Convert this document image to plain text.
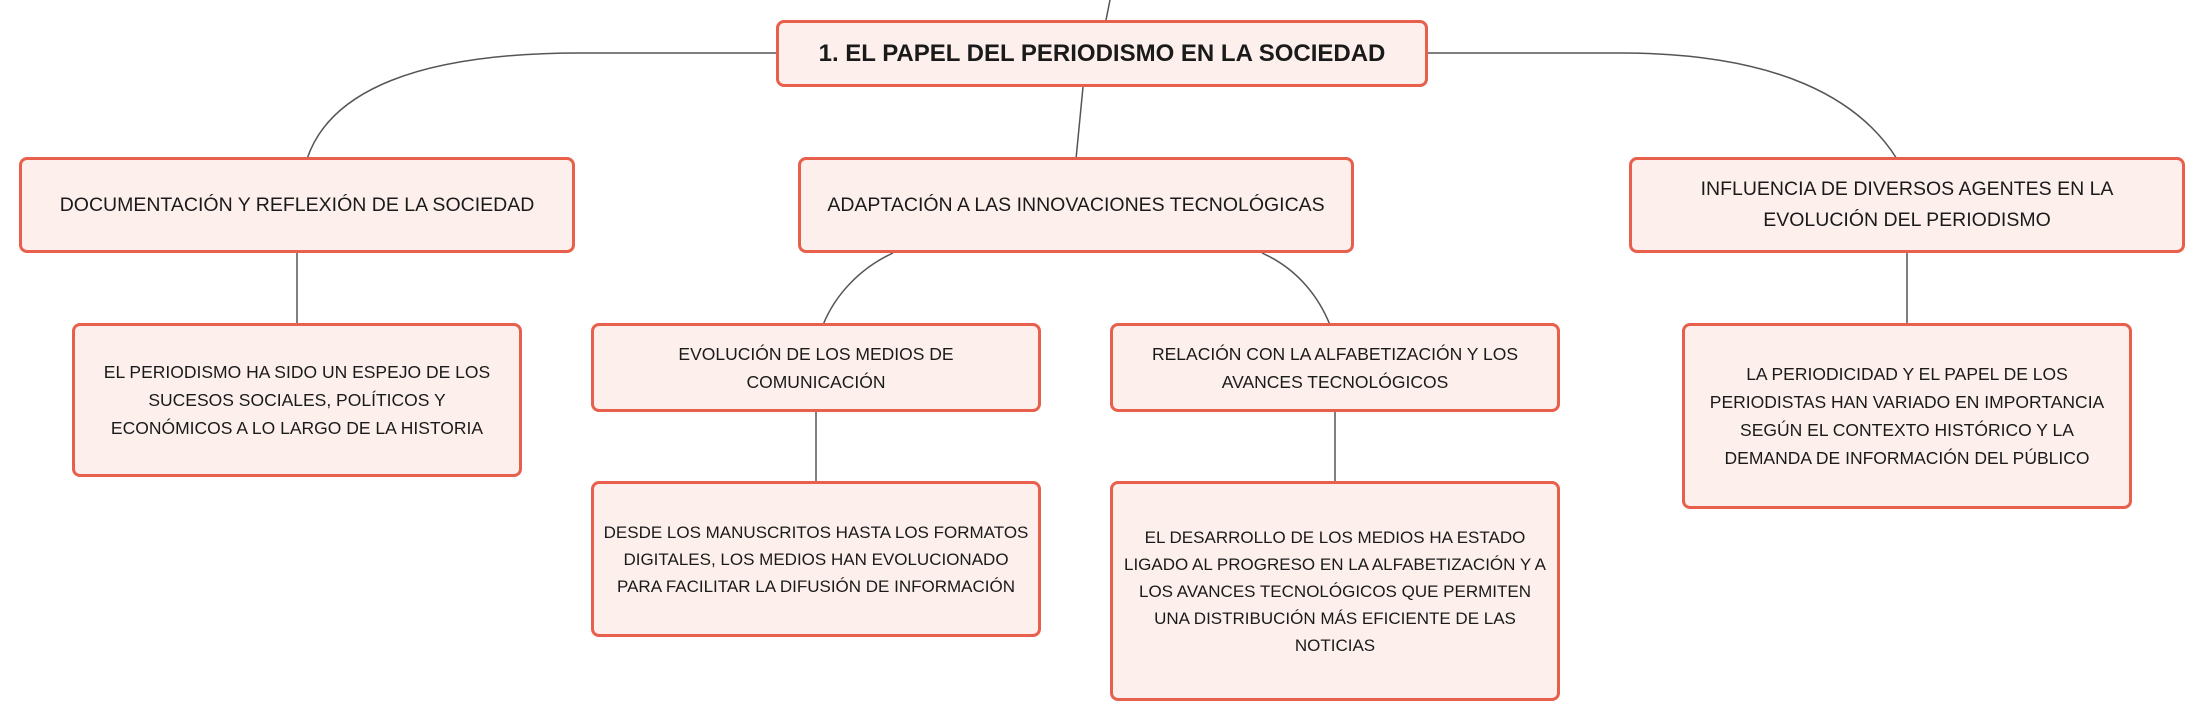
1. EL PAPEL DEL PERIODISMO EN LA SOCIEDAD
DOCUMENTACIÓN Y REFLEXIÓN DE LA SOCIEDAD	ADAPTACIÓN A LAS INNOVACIONES TECNOLÓGICAS
INFLUENCIA DE DIVERSOS AGENTES EN LA EVOLUCIÓN DEL PERIODISMO
EL PERIODISMO HA SIDO UN ESPEJO DE LOS SUCESOS SOCIALES, POLÍTICOS Y ECONÓMICOS A LO LARGO DE LA HISTORIA
EVOLUCIÓN DE LOS MEDIOS DE COMUNICACIÓN
RELACIÓN CON LA ALFABETIZACIÓN Y LOS AVANCES TECNOLÓGICOS	LA PERIODICIDAD Y EL PAPEL DE LOS PERIODISTAS HAN VARIADO EN IMPORTANCIA SEGÚN EL CONTEXTO HISTÓRICO Y LA DEMANDA DE INFORMACIÓN DEL PÚBLICO
DESDE LOS MANUSCRITOS HASTA LOS FORMATOS DIGITALES, LOS MEDIOS HAN EVOLUCIONADO PARA FACILITAR LA DIFUSIÓN DE INFORMACIÓN
EL DESARROLLO DE LOS MEDIOS HA ESTADO LIGADO AL PROGRESO EN LA ALFABETIZACIÓN Y A LOS AVANCES TECNOLÓGICOS QUE PERMITEN UNA DISTRIBUCIÓN MÁS EFICIENTE DE LAS NOTICIAS
